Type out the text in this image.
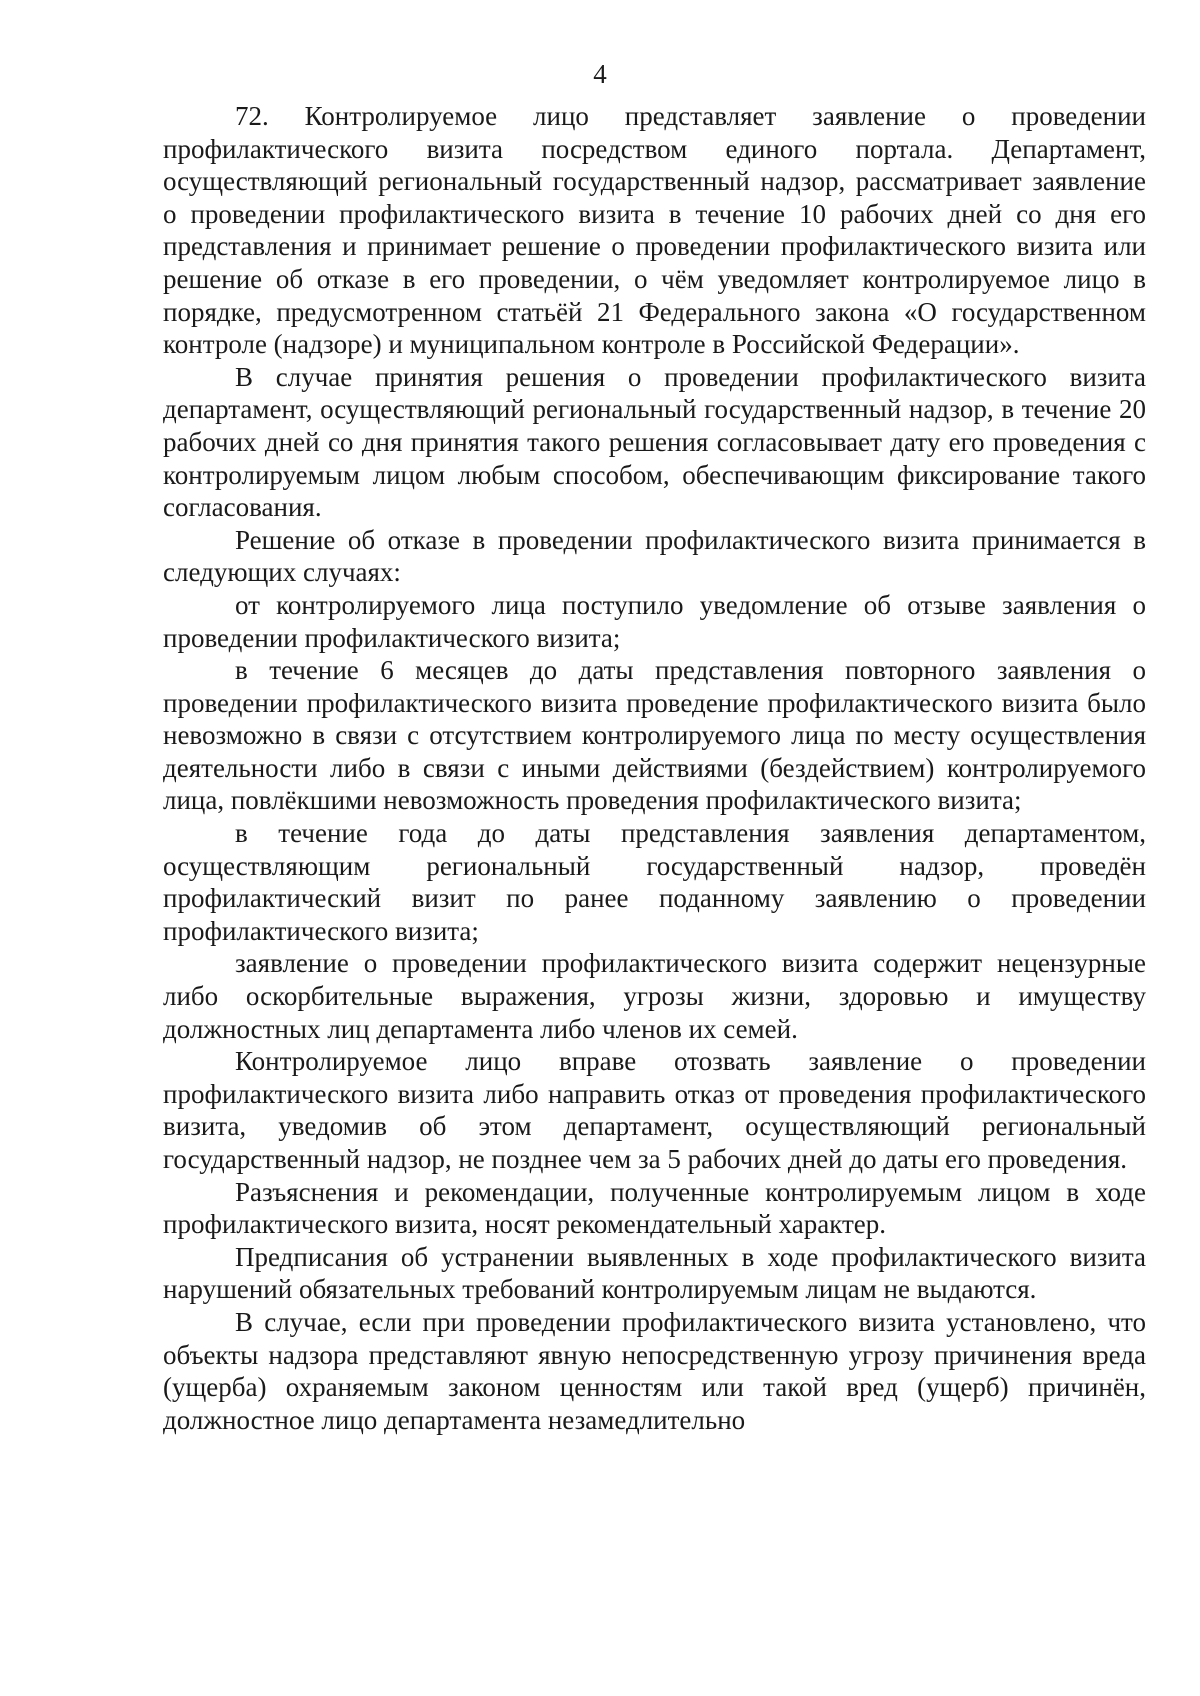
4

72. Контролируемое лицо представляет заявление о проведении профилактического визита посредством единого портала. Департамент, осуществляющий региональный государственный надзор, рассматривает заявление о проведении профилактического визита в течение 10 рабочих дней со дня его представления и принимает решение о проведении профилактического визита или решение об отказе в его проведении, о чём уведомляет контролируемое лицо в порядке, предусмотренном статьёй 21 Федерального закона «О государственном контроле (надзоре) и муниципальном контроле в Российской Федерации».

В случае принятия решения о проведении профилактического визита департамент, осуществляющий региональный государственный надзор, в течение 20 рабочих дней со дня принятия такого решения согласовывает дату его проведения с контролируемым лицом любым способом, обеспечивающим фиксирование такого согласования.

Решение об отказе в проведении профилактического визита принимается в следующих случаях:

от контролируемого лица поступило уведомление об отзыве заявления о проведении профилактического визита;

в течение 6 месяцев до даты представления повторного заявления о проведении профилактического визита проведение профилактического визита было невозможно в связи с отсутствием контролируемого лица по месту осуществления деятельности либо в связи с иными действиями (бездействием) контролируемого лица, повлёкшими невозможность проведения профилактического визита;

в течение года до даты представления заявления департаментом, осуществляющим региональный государственный надзор, проведён профилактический визит по ранее поданному заявлению о проведении профилактического визита;

заявление о проведении профилактического визита содержит нецензурные либо оскорбительные выражения, угрозы жизни, здоровью и имуществу должностных лиц департамента либо членов их семей.

Контролируемое лицо вправе отозвать заявление о проведении профилактического визита либо направить отказ от проведения профилактического визита, уведомив об этом департамент, осуществляющий региональный государственный надзор, не позднее чем за 5 рабочих дней до даты его проведения.

Разъяснения и рекомендации, полученные контролируемым лицом в ходе профилактического визита, носят рекомендательный характер.

Предписания об устранении выявленных в ходе профилактического визита нарушений обязательных требований контролируемым лицам не выдаются.

В случае, если при проведении профилактического визита установлено, что объекты надзора представляют явную непосредственную угрозу причинения вреда (ущерба) охраняемым законом ценностям или такой вред (ущерб) причинён, должностное лицо департамента незамедлительно
